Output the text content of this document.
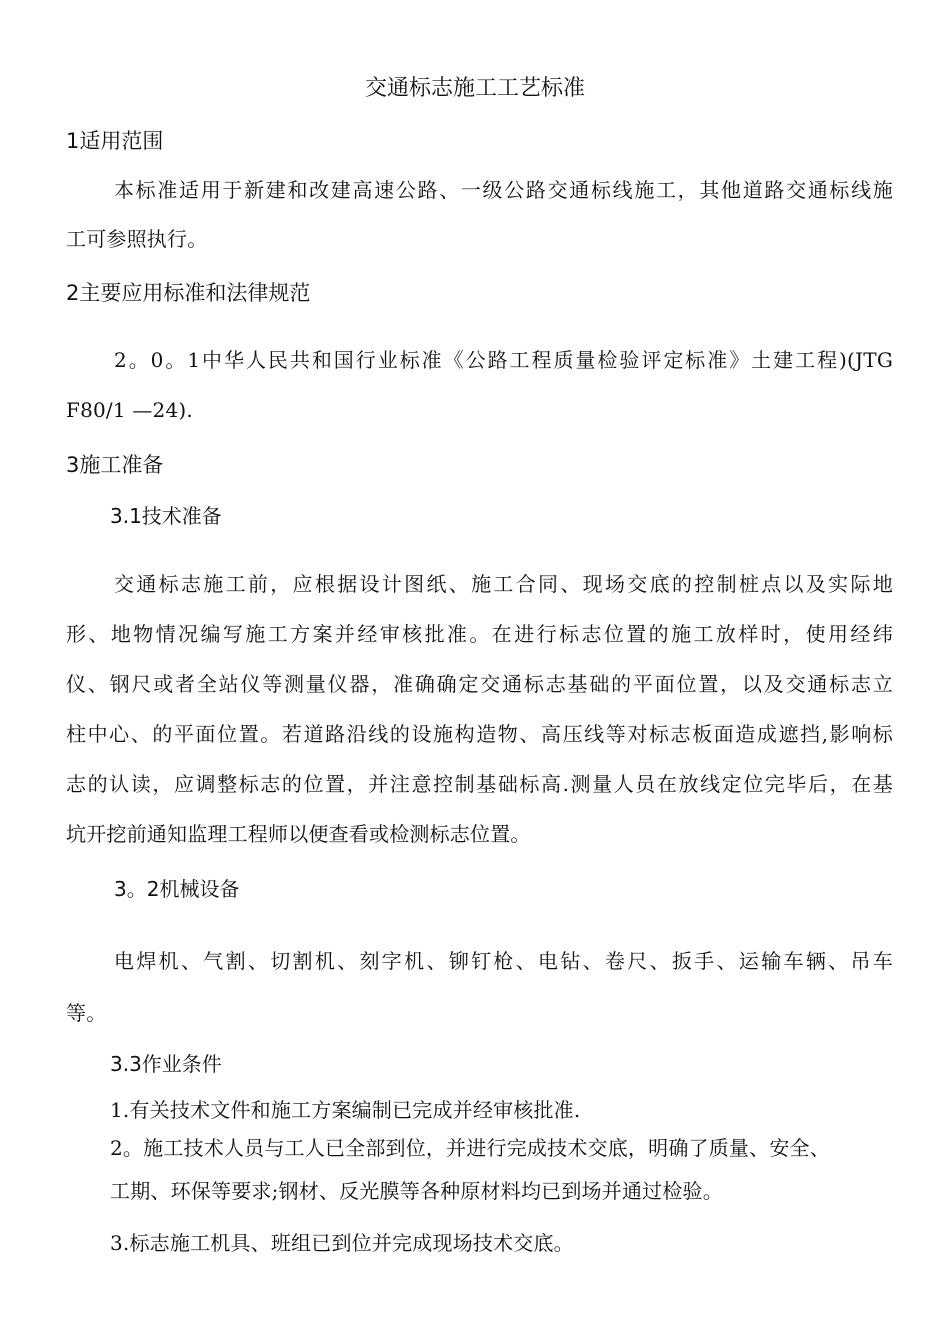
交通标志施工工艺标准
1适用范围
本标准适用于新建和改建高速公路、一级公路交通标线施工，其他道路交通标线施
工可参照执行。
2主要应用标准和法律规范
2。0。1中华人民共和国行业标准《公路工程质量检验评定标准》土建工程)(JTG
F80/1 —24).
3施工准备
3.1技术准备
交通标志施工前，应根据设计图纸、施工合同、现场交底的控制桩点以及实际地
形、地物情况编写施工方案并经审核批准。在进行标志位置的施工放样时，使用经纬
仪、钢尺或者全站仪等测量仪器，准确确定交通标志基础的平面位置，以及交通标志立
柱中心、的平面位置。若道路沿线的设施构造物、高压线等对标志板面造成遮挡,影响标
志的认读，应调整标志的位置，并注意控制基础标高.测量人员在放线定位完毕后，在基
坑开挖前通知监理工程师以便查看或检测标志位置。
3。2机械设备
电焊机、气割、切割机、刻字机、铆钉枪、电钻、卷尺、扳手、运输车辆、吊车
等。
3.3作业条件
1.有关技术文件和施工方案编制已完成并经审核批准.
2。施工技术人员与工人已全部到位，并进行完成技术交底，明确了质量、安全、
工期、环保等要求;钢材、反光膜等各种原材料均已到场并通过检验。
3.标志施工机具、班组已到位并完成现场技术交底。
